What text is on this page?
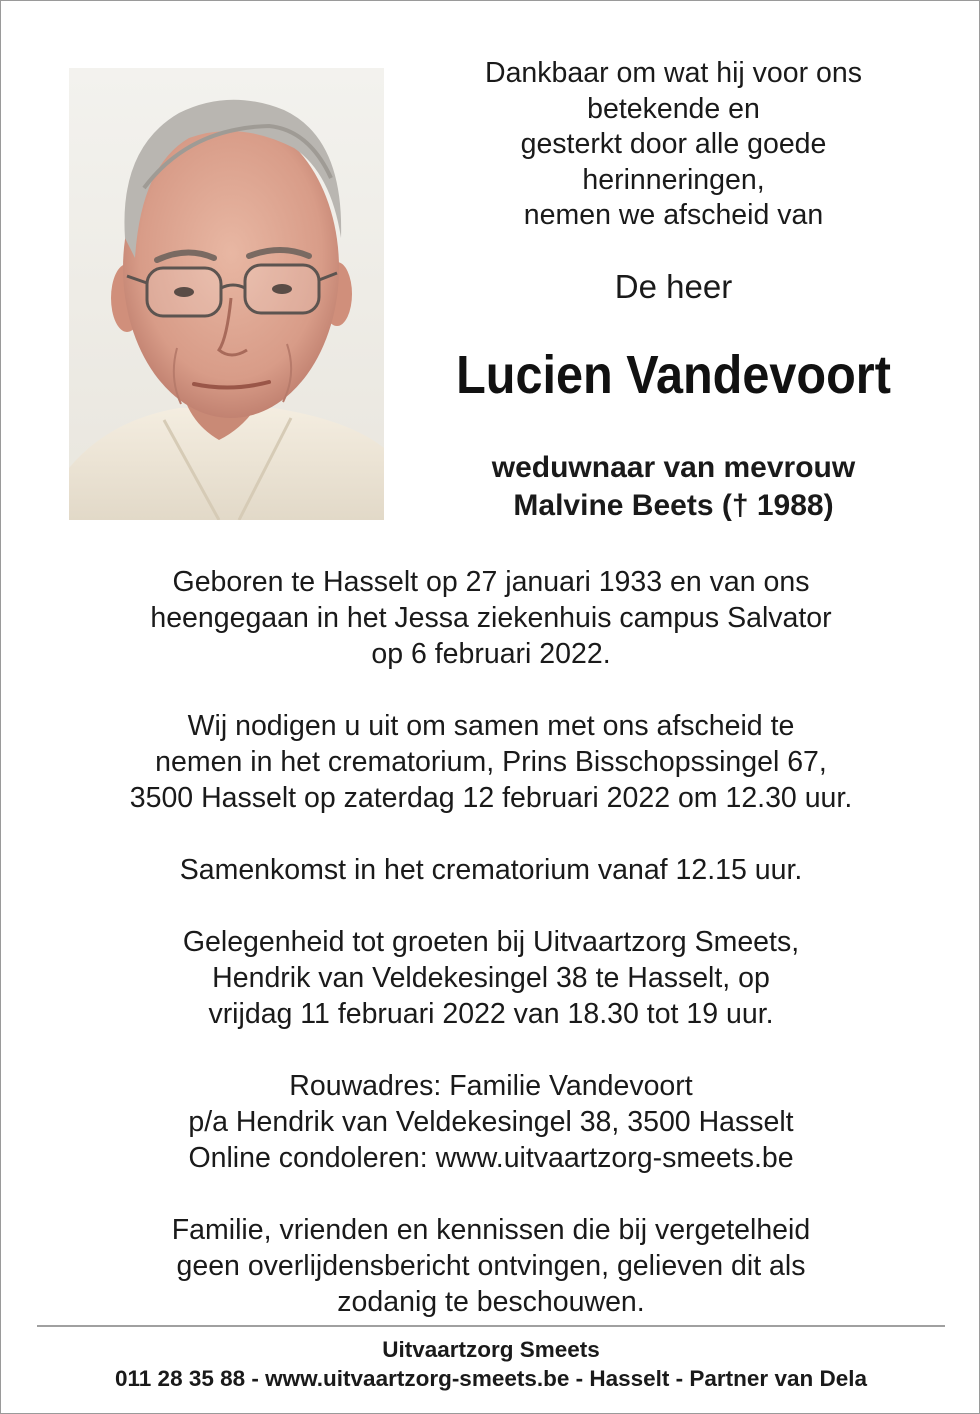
Dankbaar om wat hij voor ons
betekende en
gesterkt door alle goede
herinneringen,
nemen we afscheid van
De heer
Lucien Vandevoort
weduwnaar van mevrouw
Malvine Beets († 1988)
Geboren te Hasselt op 27 januari 1933 en van ons
heengegaan in het Jessa ziekenhuis campus Salvator
op 6 februari 2022.
Wij nodigen u uit om samen met ons afscheid te
nemen in het crematorium, Prins Bisschopssingel 67,
3500 Hasselt op zaterdag 12 februari 2022 om 12.30 uur.
Samenkomst in het crematorium vanaf 12.15 uur.
Gelegenheid tot groeten bij Uitvaartzorg Smeets,
Hendrik van Veldekesingel 38 te Hasselt, op
vrijdag 11 februari 2022 van 18.30 tot 19 uur.
Rouwadres: Familie Vandevoort
p/a Hendrik van Veldekesingel 38, 3500 Hasselt
Online condoleren: www.uitvaartzorg-smeets.be
Familie, vrienden en kennissen die bij vergetelheid
geen overlijdensbericht ontvingen, gelieven dit als
zodanig te beschouwen.
Uitvaartzorg Smeets
011 28 35 88 - www.uitvaartzorg-smeets.be - Hasselt - Partner van Dela
